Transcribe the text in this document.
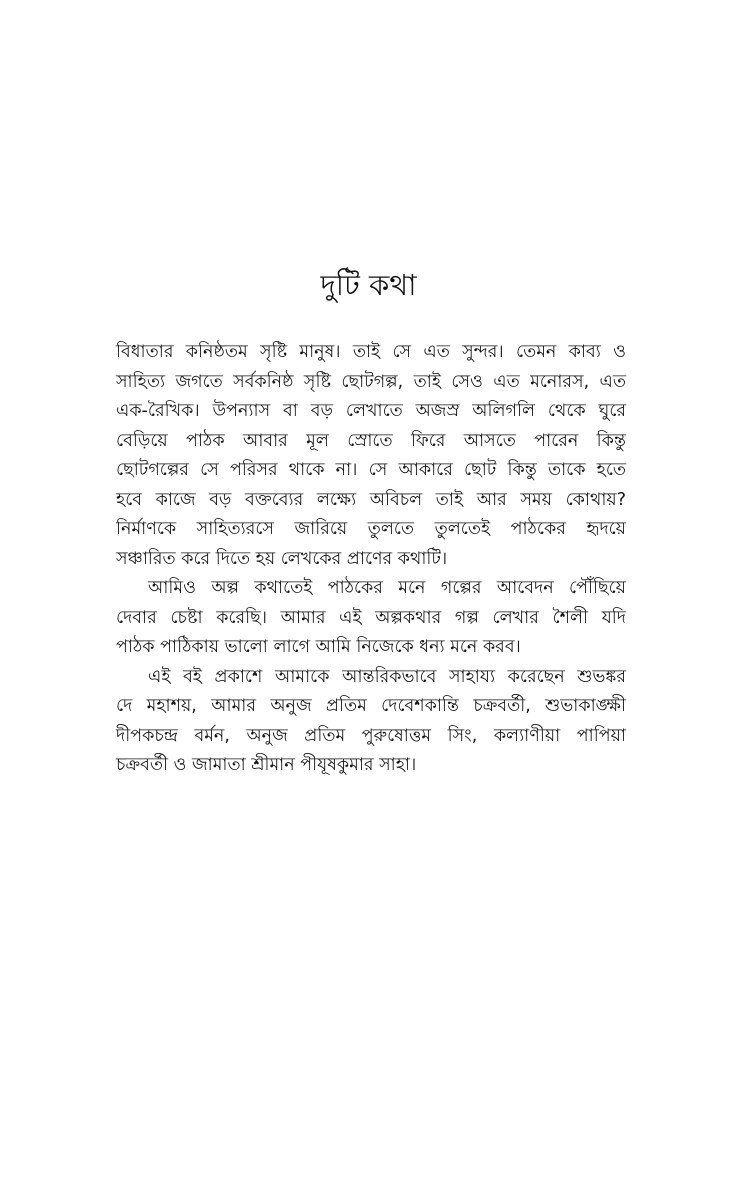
দুটি কথা

বিধাতার কনিষ্ঠতম সৃষ্টি মানুষ। তাই সে এত সুন্দর। তেমন কাব্য ও
সাহিত্য জগতে সর্বকনিষ্ঠ সৃষ্টি ছোটগল্প, তাই সেও এত মনোরস, এত
এক-রৈখিক। উপন্যাস বা বড় লেখাতে অজস্র অলিগলি থেকে ঘুরে
বেড়িয়ে পাঠক আবার মূল স্রোতে ফিরে আসতে পারেন কিন্তু
ছোটগল্পের সে পরিসর থাকে না। সে আকারে ছোট কিন্তু তাকে হতে
হবে কাজে বড় বক্তব্যের লক্ষ্যে অবিচল তাই আর সময় কোথায়?
নির্মাণকে সাহিত্যরসে জারিয়ে তুলতে তুলতেই পাঠকের হৃদয়ে
সঞ্চারিত করে দিতে হয় লেখকের প্রাণের কথাটি।

আমিও অল্প কথাতেই পাঠকের মনে গল্পের আবেদন পৌঁছিয়ে
দেবার চেষ্টা করেছি। আমার এই অল্পকথার গল্প লেখার শৈলী যদি
পাঠক পাঠিকায় ভালো লাগে আমি নিজেকে ধন্য মনে করব।

এই বই প্রকাশে আমাকে আন্তরিকভাবে সাহায্য করেছেন শুভঙ্কর
দে মহাশয়, আমার অনুজ প্রতিম দেবেশকান্তি চক্রবর্তী, শুভাকাঙ্ক্ষী
দীপকচন্দ্র বর্মন, অনুজ প্রতিম পুরুষোত্তম সিং, কল্যাণীয়া পাপিয়া
চক্রবর্তী ও জামাতা শ্রীমান পীযূষকুমার সাহা।
